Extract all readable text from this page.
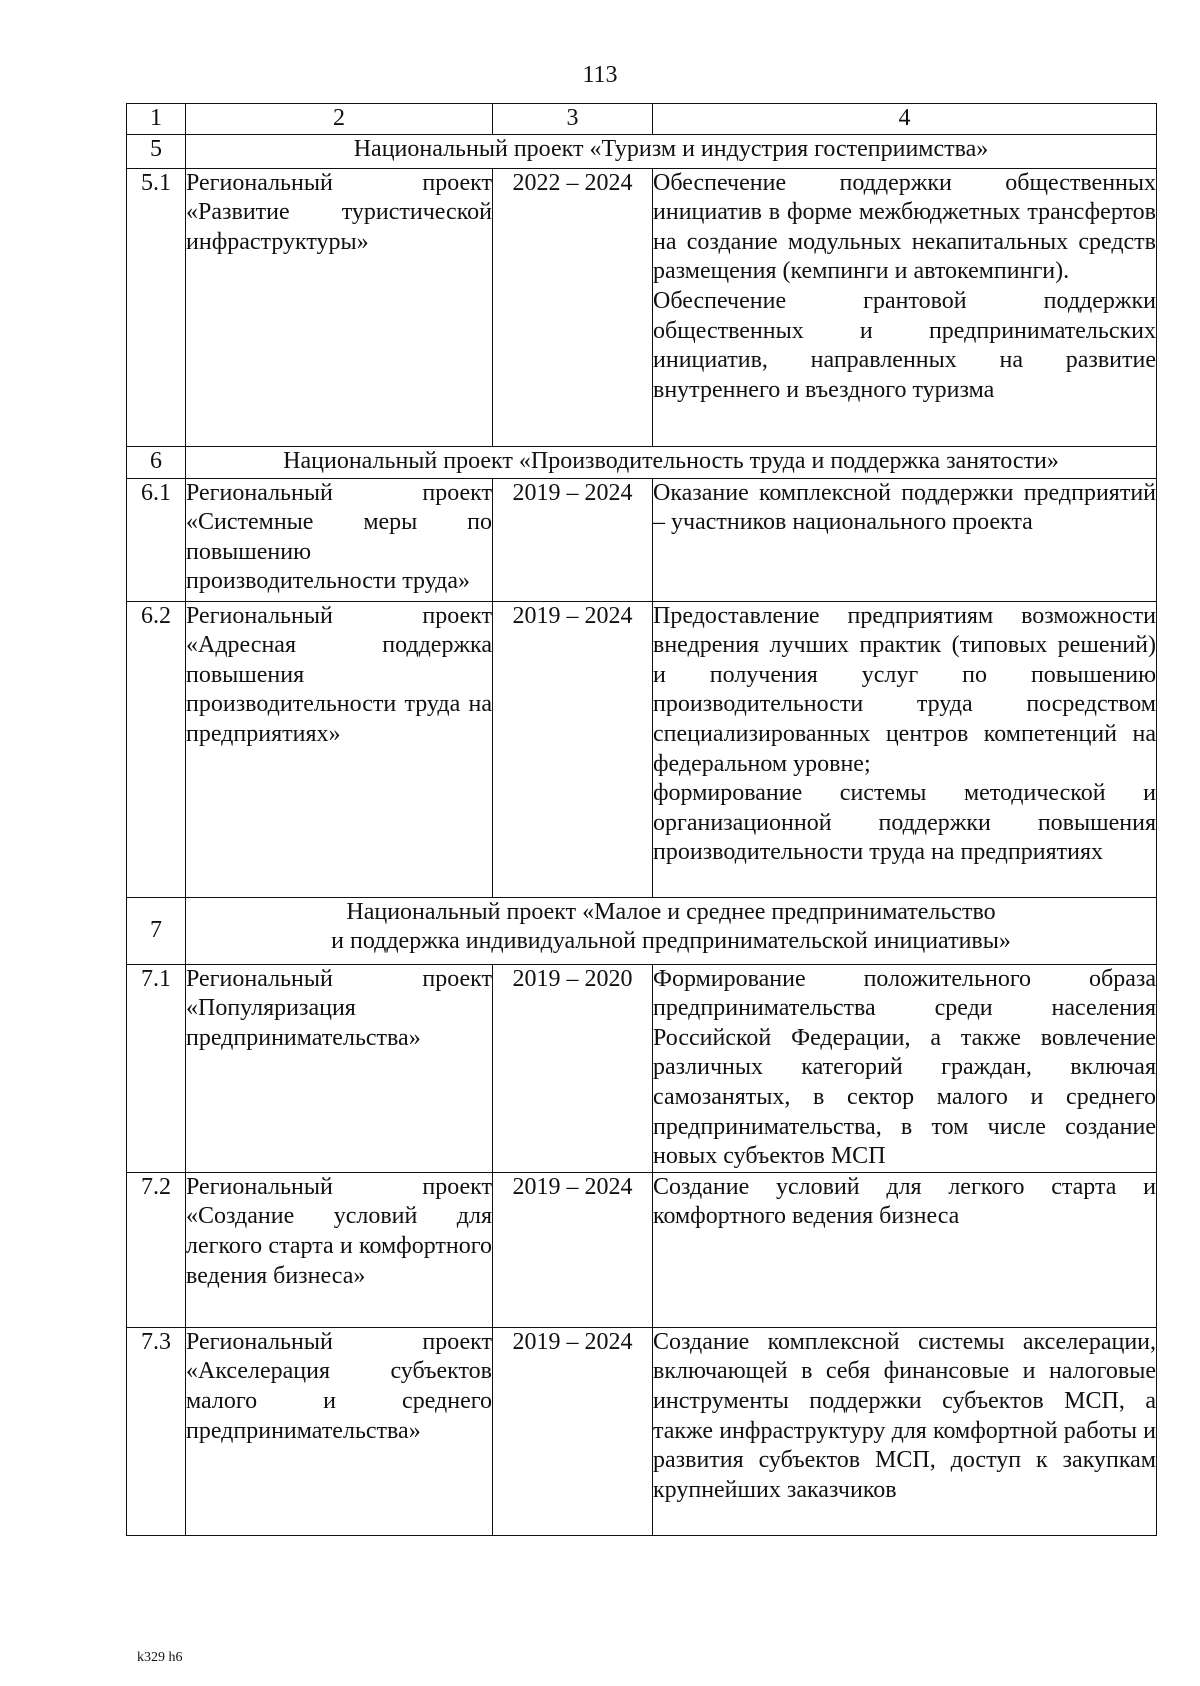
113
1	2	3	4
5	Национальный проект «Туризм и индустрия гостеприимства»		
5.1	Региональный проект «Развитие туристической инфраструктуры»	2022 – 2024	Обеспечение поддержки общественных инициатив в форме межбюджетных трансфертов на создание модульных некапитальных средств размещения (кемпинги и автокемпинги).

Обеспечение грантовой поддержки общественных и предпринимательских инициатив, направленных на развитие внутреннего и въездного туризма

6	Национальный проект «Производительность труда и поддержка занятости»		
6.1	Региональный проект «Системные меры по повышению производительности труда»	2019 – 2024	Оказание комплексной поддержки предприятий – участников национального проекта

6.2	Региональный проект «Адресная поддержка повышения производительности труда на предприятиях»	2019 – 2024	Предоставление предприятиям возможности внедрения лучших практик (типовых решений) и получения услуг по повышению производительности труда посредством специализированных центров компетенций на федеральном уровне;

формирование системы методической и организационной поддержки повышения производительности труда на предприятиях

7	Национальный проект «Малое и среднее предпринимательство
и поддержка индивидуальной предпринимательской инициативы»		

7.1	Региональный проект «Популяризация предпринимательства»	2019 – 2020	Формирование положительного образа предпринимательства среди населения Российской Федерации, а также вовлечение различных категорий граждан, включая самозанятых, в сектор малого и среднего предпринимательства, в том числе создание новых субъектов МСП

7.2	Региональный проект «Создание условий для легкого старта и комфортного ведения бизнеса»	2019 – 2024	Создание условий для легкого старта и комфортного ведения бизнеса

7.3	Региональный проект «Акселерация субъектов малого и среднего предпринимательства»	2019 – 2024	Создание комплексной системы акселерации, включающей в себя финансовые и налоговые инструменты поддержки субъектов МСП, а также инфраструктуру для комфортной работы и развития субъектов МСП, доступ к закупкам крупнейших заказчиков

k329 h6
